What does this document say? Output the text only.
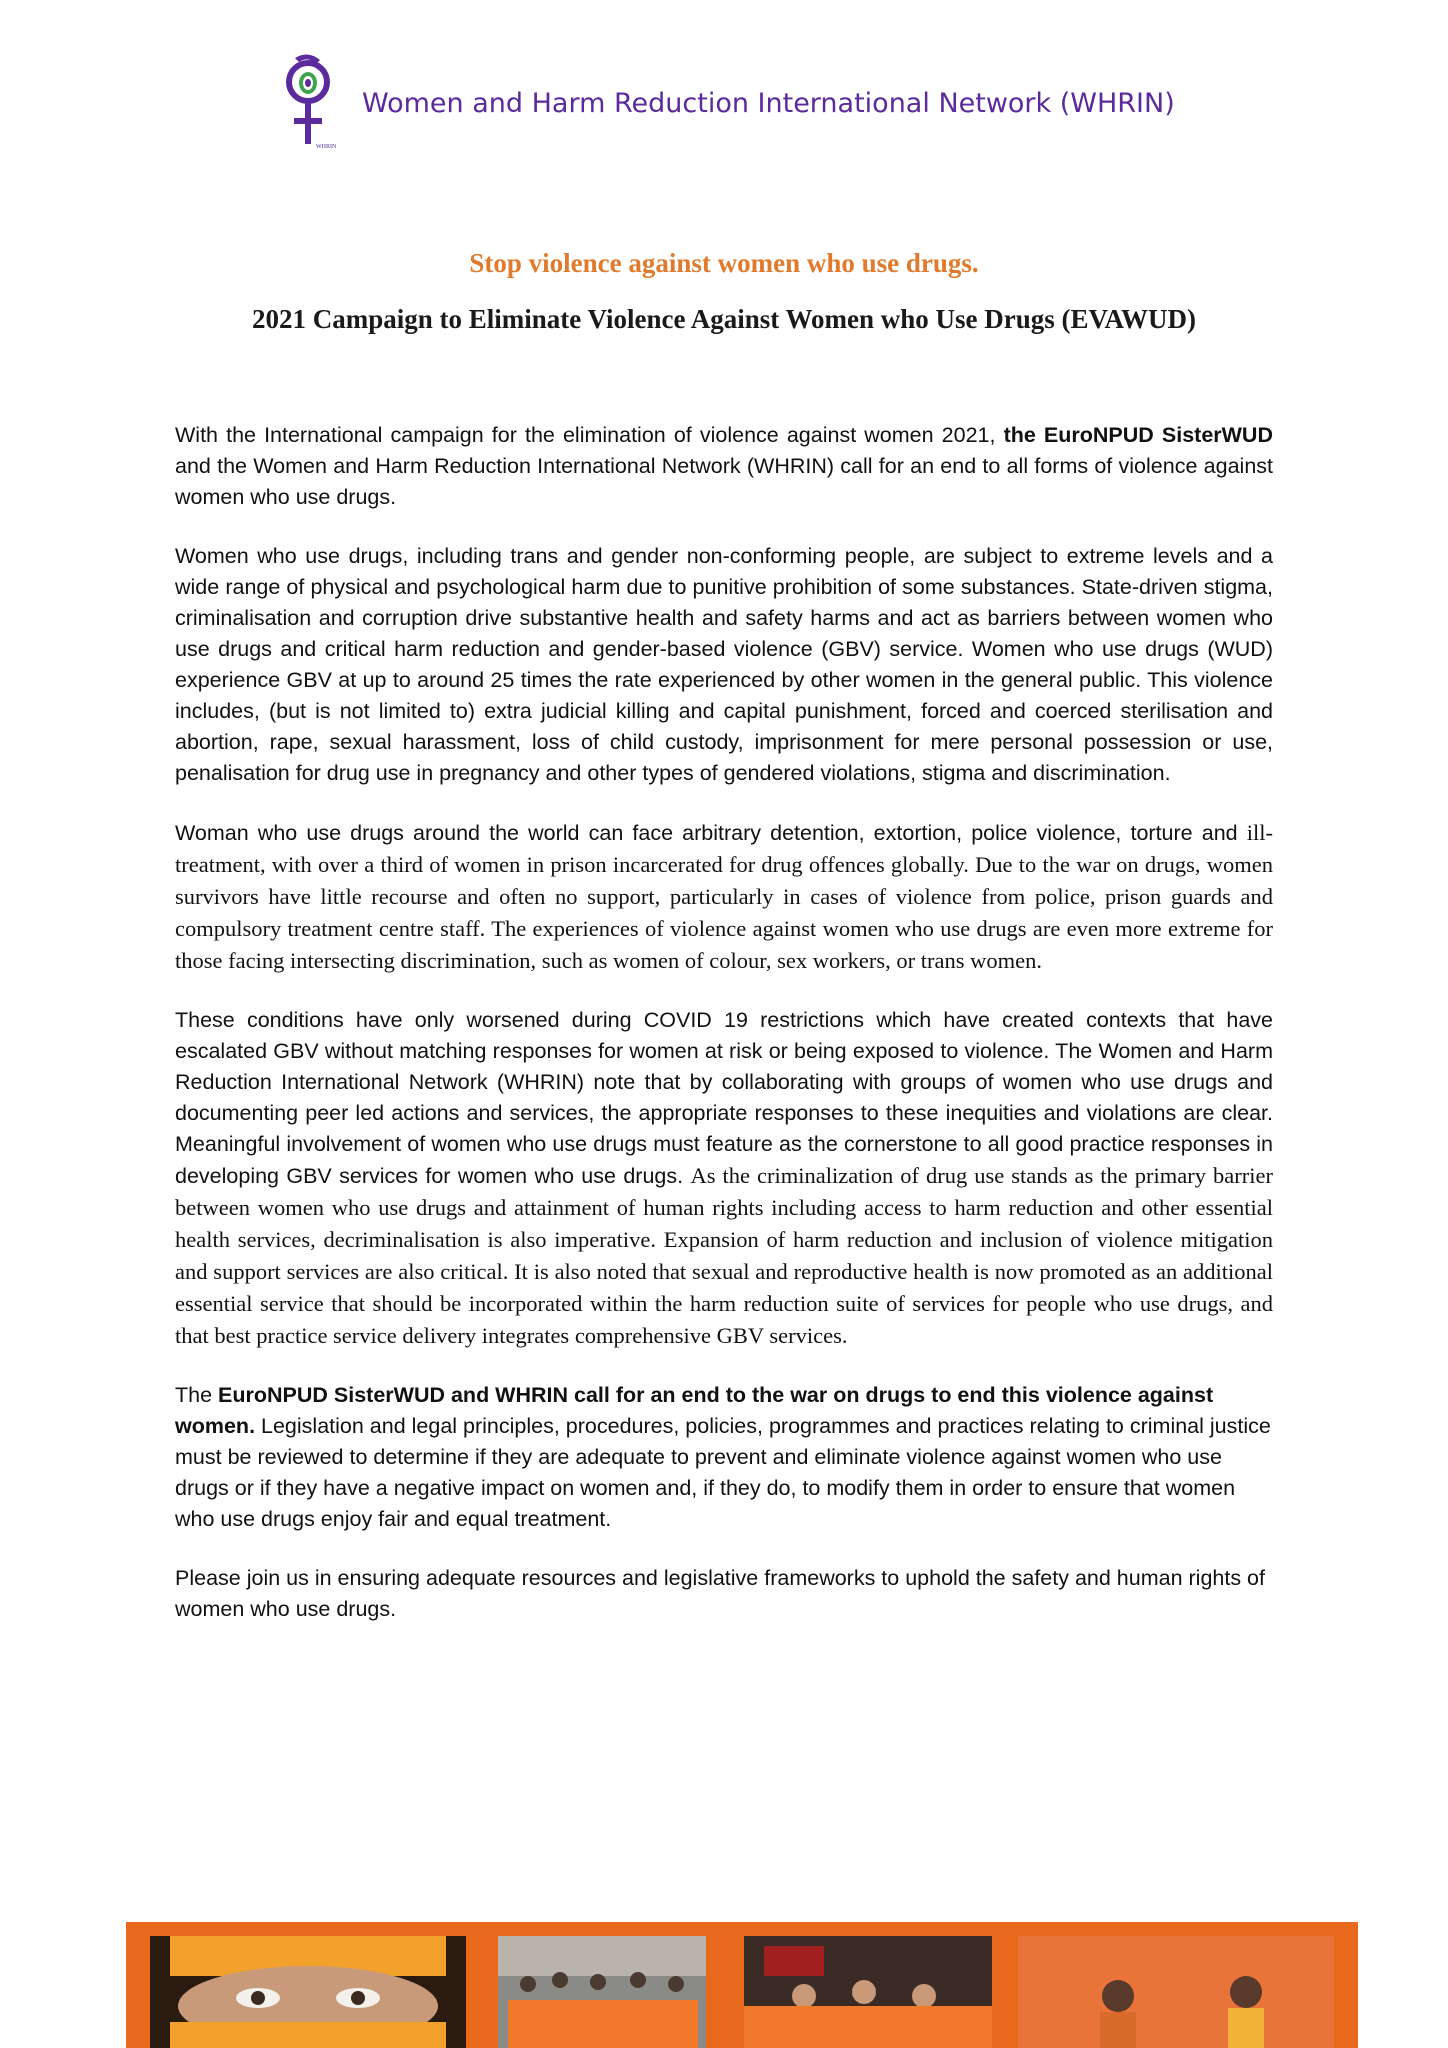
WHRIN
Women and Harm Reduction International Network (WHRIN)
Stop violence against women who use drugs.
2021 Campaign to Eliminate Violence Against Women who Use Drugs (EVAWUD)

With the International campaign for the elimination of violence against women 2021, the EuroNPUD SisterWUD and the Women and Harm Reduction International Network (WHRIN) call for an end to all forms of violence against women who use drugs.

Women who use drugs, including trans and gender non-conforming people, are subject to extreme levels and a wide range of physical and psychological harm due to punitive prohibition of some substances. State-driven stigma, criminalisation and corruption drive substantive health and safety harms and act as barriers between women who use drugs and critical harm reduction and gender-based violence (GBV) service. Women who use drugs (WUD) experience GBV at up to around 25 times the rate experienced by other women in the general public. This violence includes, (but is not limited to) extra judicial killing and capital punishment, forced and coerced sterilisation and abortion, rape, sexual harassment, loss of child custody, imprisonment for mere personal possession or use, penalisation for drug use in pregnancy and other types of gendered violations, stigma and discrimination.

Woman who use drugs around the world can face arbitrary detention, extortion, police violence, torture and ill-treatment, with over a third of women in prison incarcerated for drug offences globally. Due to the war on drugs, women survivors have little recourse and often no support, particularly in cases of violence from police, prison guards and compulsory treatment centre staff. The experiences of violence against women who use drugs are even more extreme for those facing intersecting discrimination, such as women of colour, sex workers, or trans women.

These conditions have only worsened during COVID 19 restrictions which have created contexts that have escalated GBV without matching responses for women at risk or being exposed to violence. The Women and Harm Reduction International Network (WHRIN) note that by collaborating with groups of women who use drugs and documenting peer led actions and services, the appropriate responses to these inequities and violations are clear. Meaningful involvement of women who use drugs must feature as the cornerstone to all good practice responses in developing GBV services for women who use drugs. As the criminalization of drug use stands as the primary barrier between women who use drugs and attainment of human rights including access to harm reduction and other essential health services, decriminalisation is also imperative. Expansion of harm reduction and inclusion of violence mitigation and support services are also critical. It is also noted that sexual and reproductive health is now promoted as an additional essential service that should be incorporated within the harm reduction suite of services for people who use drugs, and that best practice service delivery integrates comprehensive GBV services.

The EuroNPUD SisterWUD and WHRIN call for an end to the war on drugs to end this violence against women. Legislation and legal principles, procedures, policies, programmes and practices relating to criminal justice must be reviewed to determine if they are adequate to prevent and eliminate violence against women who use drugs or if they have a negative impact on women and, if they do, to modify them in order to ensure that women who use drugs enjoy fair and equal treatment.

Please join us in ensuring adequate resources and legislative frameworks to uphold the safety and human rights of women who use drugs.
